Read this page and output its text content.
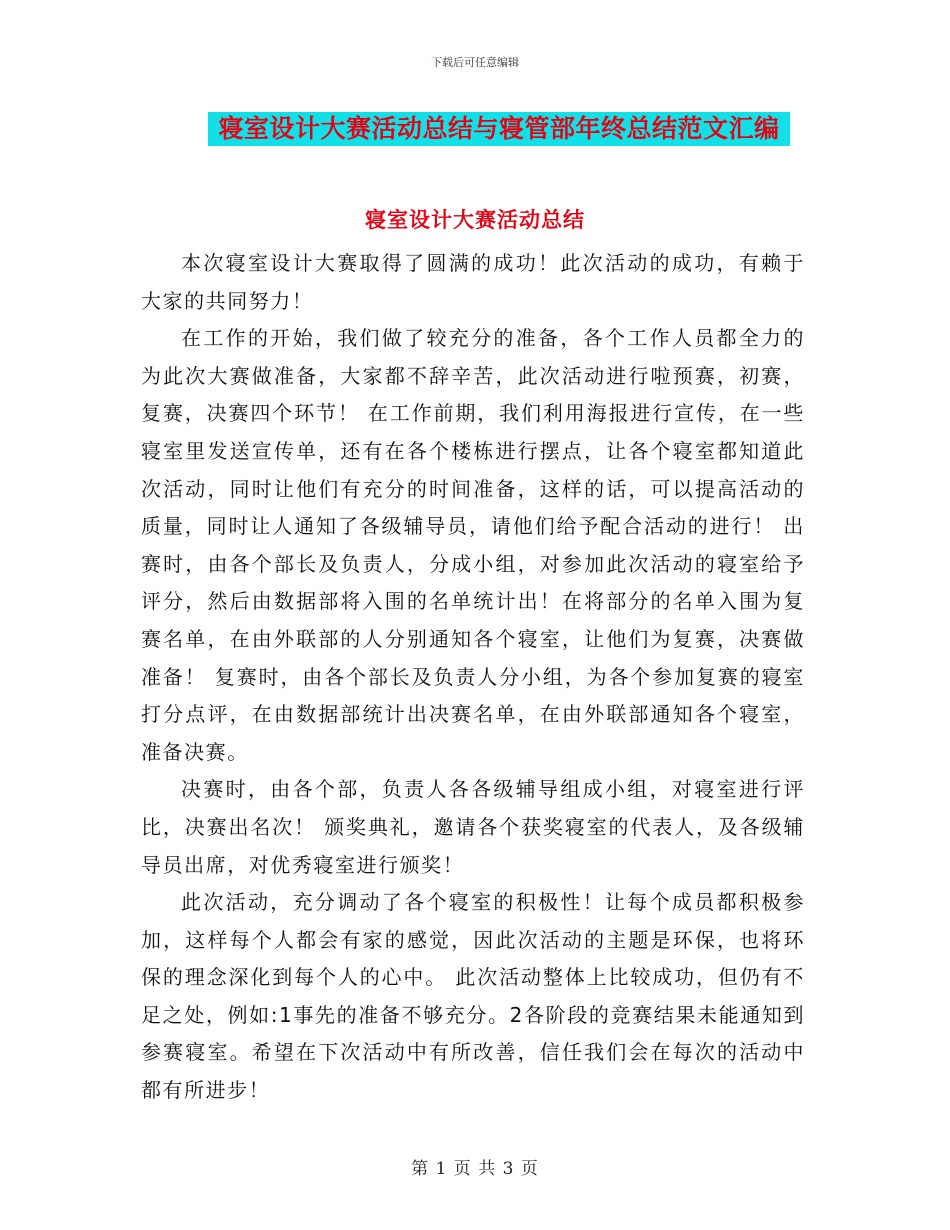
下载后可任意编辑
寝室设计大赛活动总结与寝管部年终总结范文汇编
寝室设计大赛活动总结

本次寝室设计大赛取得了圆满的成功！此次活动的成功，有赖于大家的共同努力！

在工作的开始，我们做了较充分的准备，各个工作人员都全力的为此次大赛做准备，大家都不辞辛苦，此次活动进行啦预赛，初赛，复赛，决赛四个环节！ 在工作前期，我们利用海报进行宣传，在一些寝室里发送宣传单，还有在各个楼栋进行摆点，让各个寝室都知道此次活动，同时让他们有充分的时间准备，这样的话，可以提高活动的质量，同时让人通知了各级辅导员，请他们给予配合活动的进行！ 出赛时，由各个部长及负责人，分成小组，对参加此次活动的寝室给予评分，然后由数据部将入围的名单统计出！在将部分的名单入围为复赛名单，在由外联部的人分别通知各个寝室，让他们为复赛，决赛做准备！ 复赛时，由各个部长及负责人分小组，为各个参加复赛的寝室打分点评，在由数据部统计出决赛名单，在由外联部通知各个寝室，准备决赛。

决赛时，由各个部，负责人各各级辅导组成小组，对寝室进行评比，决赛出名次！ 颁奖典礼，邀请各个获奖寝室的代表人，及各级辅导员出席，对优秀寝室进行颁奖！

此次活动，充分调动了各个寝室的积极性！让每个成员都积极参加，这样每个人都会有家的感觉，因此次活动的主题是环保，也将环保的理念深化到每个人的心中。 此次活动整体上比较成功，但仍有不足之处，例如:1事先的准备不够充分。2各阶段的竞赛结果未能通知到参赛寝室。希望在下次活动中有所改善，信任我们会在每次的活动中都有所进步！

第 1 页 共 3 页
